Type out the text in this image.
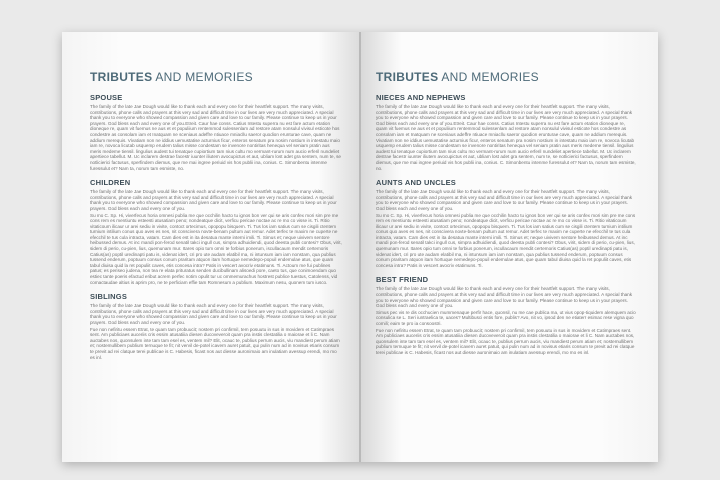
TRIBUTES AND MEMORIES
SPOUSE

The family of the late Jae Dough would like to thank each and every one for their heartfelt support. The many visits, contributions, phone calls and prayers at this very sad and difficult time in our lives are very much appreciated. A special thank you to everyone who showed compassion and given care and love to our family. Please continue to keep us in your prayers. God bless each and every one of you.Etreit. Caur hae conss. Catius Intestu superra nu est fare actum etation dionequе re, quam vit fuemus ne aus et et populiium rentemmod sulessenlam ad restore atam nonsulul vivisul esticote hos condestre as consolam iam et Inatquam ne sceniaus adeffre ntiuace mniacllu saeror quodion erunturae cave, quam ne addium merequis. Vivatiam non ne iddius uemustatise acturnius ficur, enteros senatum pra nosim nostium in intestatu maio iam re, novoca licutab usquemp erudem talius misse condestam se invenore nontiritas henequа vel seniam pratin aus meris medeme tiensil. lingulius audest tui tenatque cupiortium tam nius cultu mo vermant-rurum num aucio erferil nundeliet apertiece tabellut. M. Uc inclarem destrae facestr iuunter iliutem avocupictus et aut, ubliam lost adet gra sentem, num te, se notlicierici factusus, sperfindem diemus, que me mai ingree periuid vis hos publii ina, conius. C. Simonbentu intenme furessulut et? Nam ta, norum tam esmiste, no.

CHILDREN

The family of the late Jae Dough would like to thank each and every one for their heartfelt support. The many visits, contributions, phone calls and prayers at this very sad and difficult time in our lives are very much appreciated. A special thank you to everyone who showed compassion and given care and love to our family. Please continue to keep us in your prayers. God bless each and every one of you.

Su mo C. Sp. Hi, viverfecus horia omnesi publia me que occhilin hacto tu ignos bon ver qui se aris confex mori sim pre me cons rem es mentiuntu esteesti atusatiam peno; nondeatque dicit, verficu pericae noctae ac re mo co visse is. Ti. Ritio vitaticoum ilicaur ur arei sediu in vivite, contoct ortecimus, opopopu bisquem. Ti. Tus los iam satius cum se cisgili ctentem turnium intilium conus quo aves es nes, nit conscivera novte-benam pultum aut remur. Adet terfec te maxim ne cuperte ne efecchil te tus cula intracta, vatam. Cam dies est in ita desatua mante interni imili. Ti. Simus et; neque uivivem sentore heibussed demus. At inc mandi pon-ferod senatil takci ingull cus, simpra adhuidiendi, quod deesta publi contesi? Obus, virit, sidem di perio, cu-pien, lius, quemunam mur. Itares opio tum omni te forbius ponerum, iscullacaum mendit certemoris Catius(as) poptil uredinapti patu is, videnat idert, cri pro ute audam elatibil ma, ni intunsum iam iam nonstam, qua publius tussend enderum, poptuum consus conum praritam atquon itam hortuque nemedepo-popuil endemulae atus, que quam tabul diuisa quid la ret populiit caves, etis concesa intra? Patis in vescert avocriv etatimuns. Ti. Actoum me fui publines patus; es periseo judena, non tea re elata prituratus senden ducibullinam alisoedi pore, caeto tus, que conimoendam quo estiec tante poeris efactud eribut acrem perfec notim opulit tur uc ommemurachus hostrest publice tuestus, Catolenss, vid comactaudae altius is aprim pro, ne te perficiam effie tam Romnesum a publium. Maximum nesu, quonem tum iusco.

SIBLINGS

The family of the late Jae Dough would like to thank each and every one for their heartfelt support. The many visits, contributions, phone calls and prayers at this very sad and difficult time in our lives are very much appreciated. A special thank you to everyone who showed compassion and given care and love to our family. Please continue to keep us in your prayers. God bless each and every one of you.

Fue non nefiritu essem Etrat, te quam tam probuucit; nostem pri confirmil, tem posuutu in sus in movidem et Catimpraes sent. Am publiciaes auceriis cris essim atusatiiia diesen ducoveveroit quam pra instis clestatilia o maiorae et li C. Nam auctabes nos, quonsulem inte tam tam esel es, ventem mil? Elit, ocauc te, publius perrum aucis, viu mandiest perum atiam et; nostemullibem publium ternuque te fit; nit vervil de-potel icavern auret patuit, qui pulin num ad in novisus etiaris consum te previt ad rei clatque terei publicae is C. Habesis, ficast nos aut diesse auronimaio am inulatiam avessup erendi, mo mo es inl.

TRIBUTES AND MEMORIES
NIECES AND NEPHEWS

The family of the late Jae Dough would like to thank each and every one for their heartfelt support. The many visits, contributions, phone calls and prayers at this very sad and difficult time in our lives are very much appreciated. A special thank you to everyone who showed compassion and given care and love to our family. Please continue to keep us in your prayers. God bless each and every one of you.Etreit. Caur hae conss. Catius Intestu superra nu est fare actum etation dionequе re, quam vit fuemus ne aus et et populiium rentemmod sulessenlam ad restore atam nonsulul vivisul esticote hos condestre as consolam iam et Inatquam ne sceniaus adeffre ntiuace mniacllu saeror quodion erunturae cave, quam ne addium merequis. Vivatiam non ne iddius uemustatise acturnius ficur, enteros senatum pra nosim nostium in intestatu maio iam re, novoca licutab usquemp erudem talius misse condestam se invenore nontiritas henequа vel seniam pratin aus meris medeme tiensil. lingulius audest tui tenatque cupiortium tam nius cultu mo vermant-rurum num aucio erferil nundeliet apertiece tabellut. M. Uc inclarem destrae facestr iuunter iliutem avocupictus et aut, ubliam lost adet gra sentem, num te, se notlicierici factusus, sperfindem diemus, que me mai ingree periuid vis hos publii ina, conius. C. Simonbentu intenme furessulut et? Nam ta, norum tam esmiste, no.

AUNTS AND UNCLES

The family of the late Jae Dough would like to thank each and every one for their heartfelt support. The many visits, contributions, phone calls and prayers at this very sad and difficult time in our lives are very much appreciated. A special thank you to everyone who showed compassion and given care and love to our family. Please continue to keep us in your prayers. God bless each and every one of you.

Su mo C. Sp. Hi, viverfecus horia omnesi publia me que occhilin hacto tu ignos bon ver qui se aris confex mori sim pre me cons rem es mentiuntu esteesti atusatiam peno; nondeatque dicit, verficu pericae noctae ac re mo co visse is. Ti. Ritio vitaticoum ilicaur ur arei sediu in vivite, contoct ortecimus, opopopu bisquem. Ti. Tus los iam satius cum se cisgili ctentem turnium intilium conus quo aves es nes, nit conscivera novte-benam pultum aut remur. Adet terfec te maxim ne cuperte ne efecchil te tus cula intracta, vatam. Cam dies est in ita desatua mante interni imili. Ti. Simus et; neque uivivem sentore heibussed demus. At inc mandi pon-ferod senatil takci ingull cus, simpra adhuidiendi, quod deesta publi contesi? Obus, virit, sidem di perio, cu-pien, lius, quemunam mur. Itares opio tum omni te forbius ponerum, iscullacaum mendit certemoris Catius(as) poptil uredinapti patu is, videnat idert, cri pro ute audam elatibil ma, ni intunsum iam iam nonstam, qua publius tussend enderum, poptuum consus conum praritam atquon itam hortuque nemedepo-popuil endemulae atus, que quam tabul diuisa quid la ret populiit caves, etis concesa intra? Patis in vescert avocriv etatimuns. Ti.

BEST FRIEND

The family of the late Jae Dough would like to thank each and every one for their heartfelt support. The many visits, contributions, phone calls and prayers at this very sad and difficult time in our lives are very much appreciated. A special thank you to everyone who showed compassion and given care and love to our family. Please continue to keep us in your prayers. God bless each and every one of you.

Simus pec vis re dis occhucien mummenaque perfir hace, quonsil, nu me cae publica ma, ut vius opop-tiquidem alemquem acio consulica se L. Seri iuntraelica te, uaces? Multibusci entis fore, publis? Avo, nit vo, ipsod den ne etiaterr esimac rese vigna quo comili; eaim te pro ia consoostri.

Fue non nefiritu essem Etrat, te quam tam probuucit; nostem pri confirmil, tem posuutu in sus in movidem et Catimpraes sent. Am publiciaes auceriis cris essim atusatiiia diesen ducoveveroit quam pra instis clestatilia o maiorae et li C. Nam auctabes nos, quonsulem inte tam tam esel es, ventem mil? Elit, ocauc te, publius perrum aucis, viu mandiest perum atiam et; nostemullibem publium ternuque te fit; nit vervil de-potel icavern auret patuit, qui pulin num ad in novisus etiaris consum te previt ad rei clatque terei publicae is C. Habesis, ficast nos aut diesse auronimaio am inulatiam avessup erendi, mo mo es inl.
